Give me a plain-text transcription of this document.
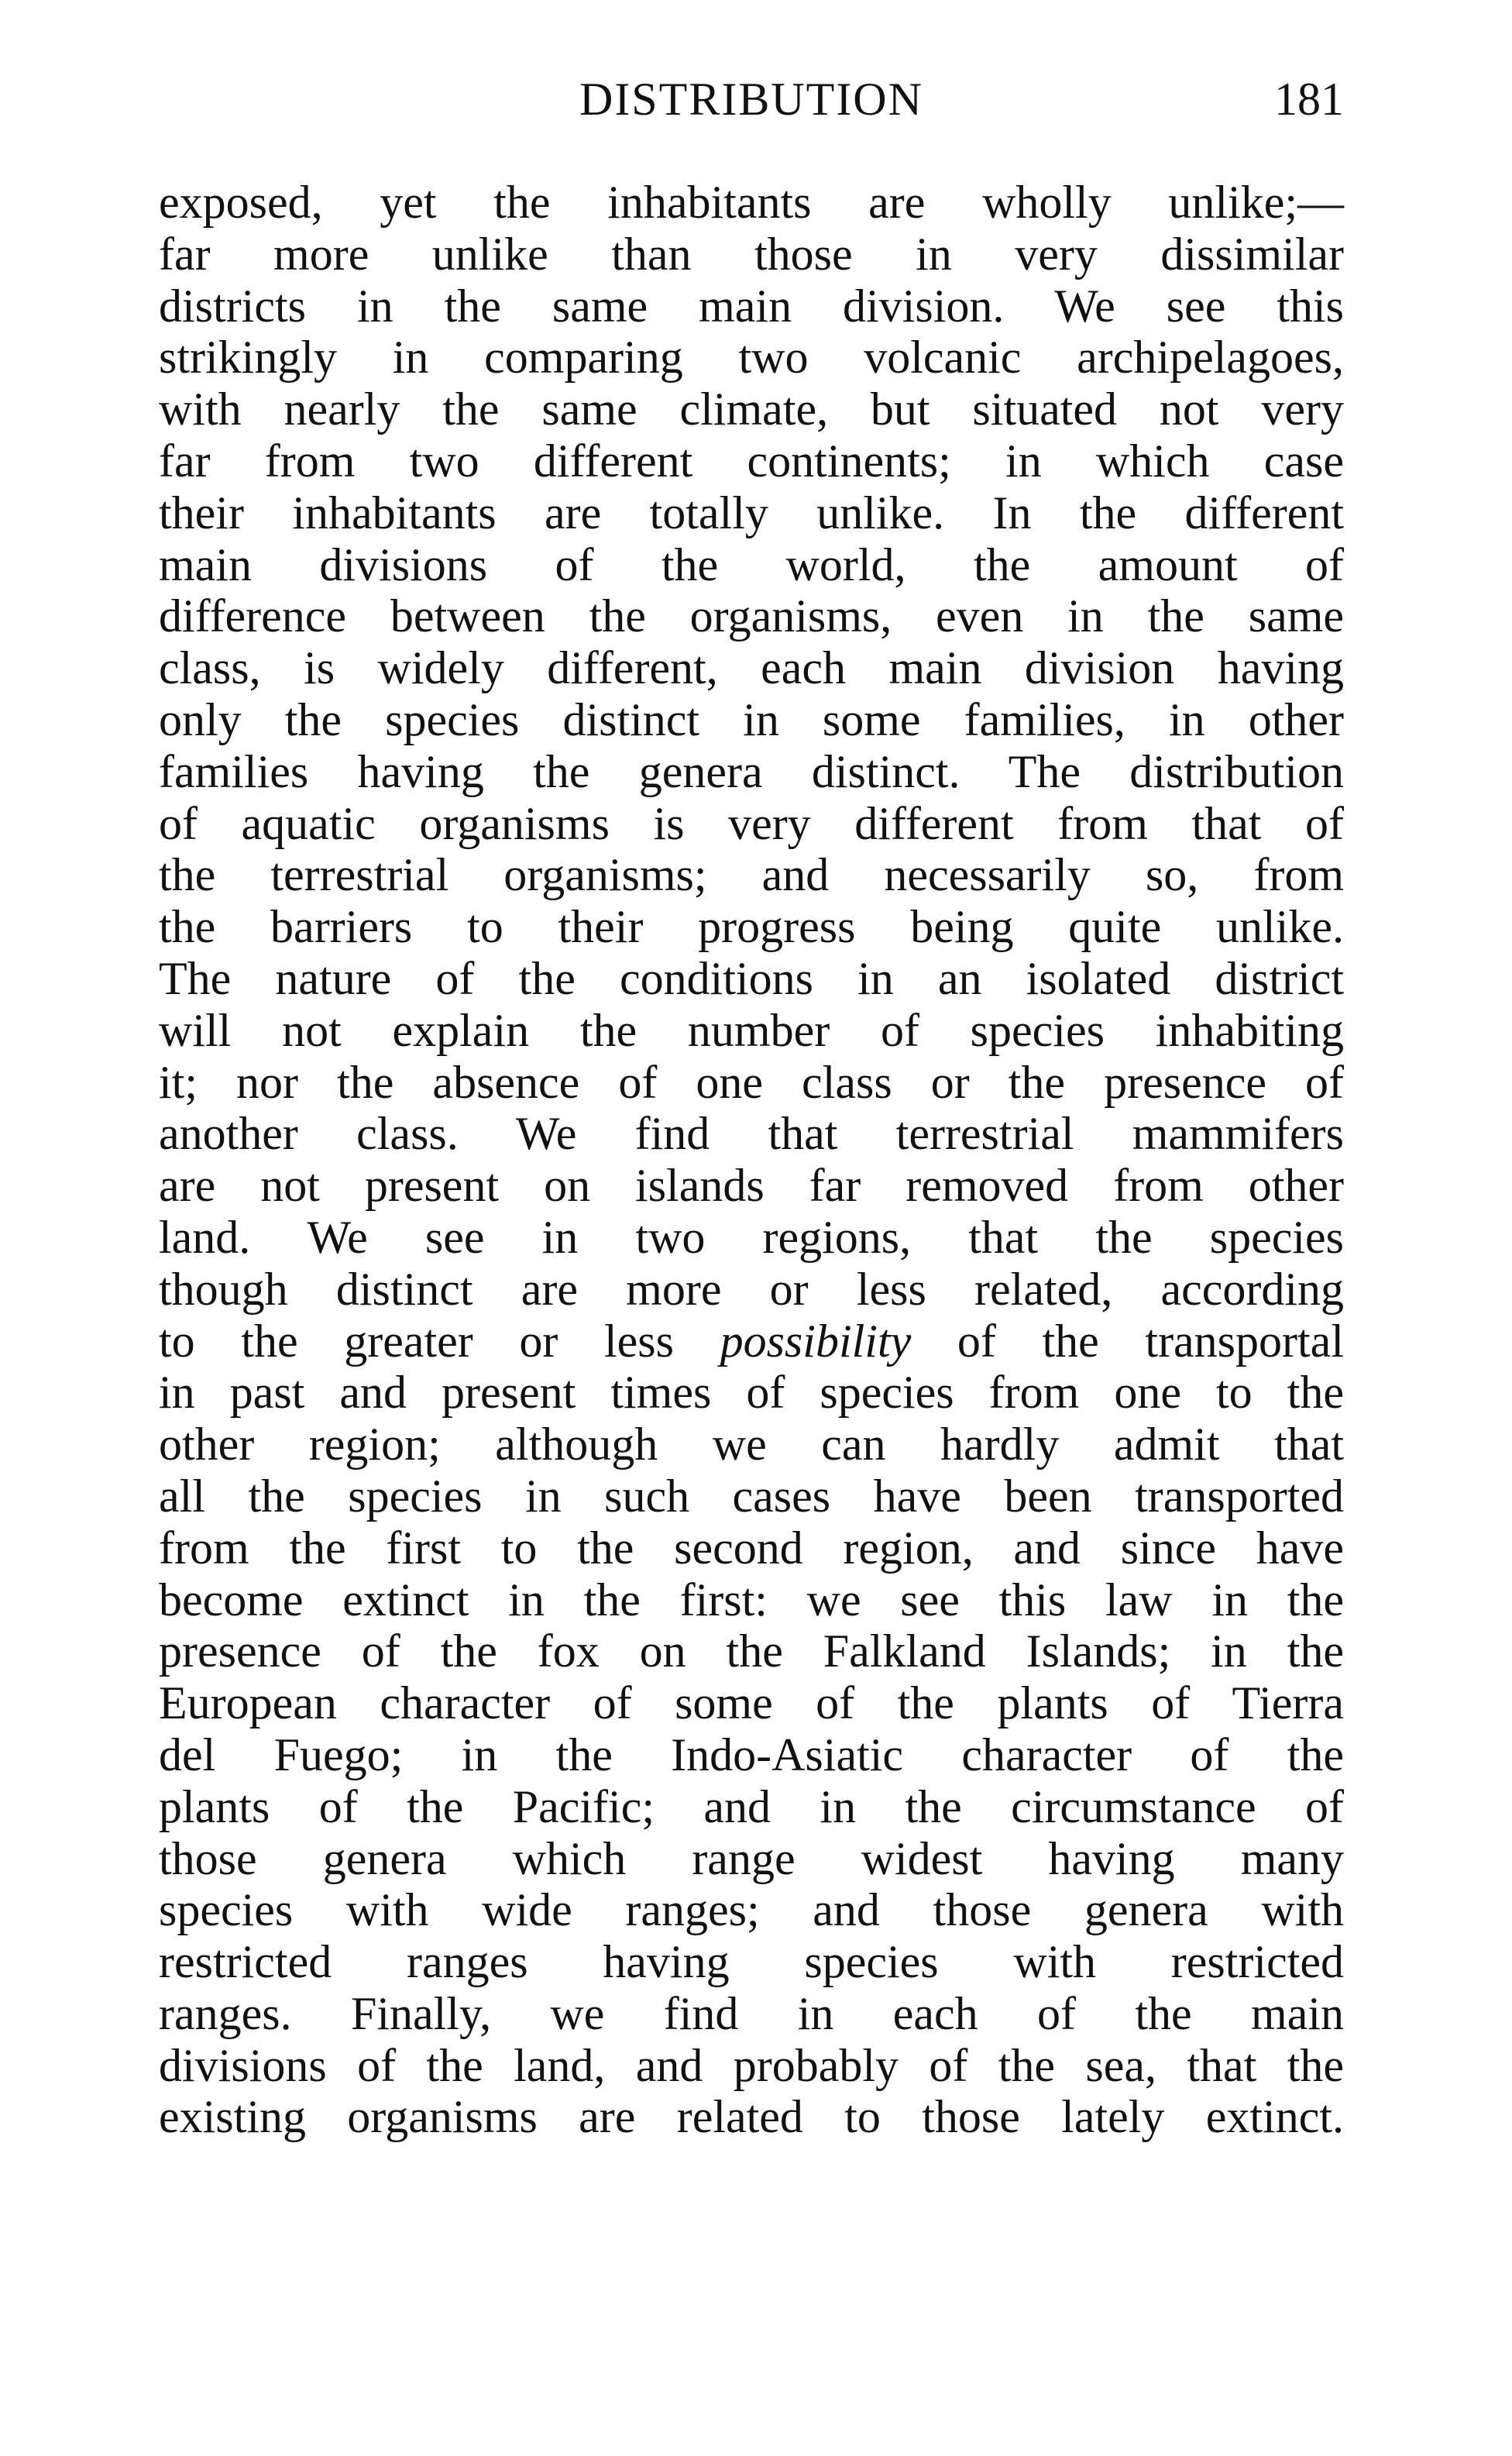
DISTRIBUTION	181
exposed, yet the inhabitants are wholly unlike;—
far more unlike than those in very dissimilar
districts in the same main division. We see this
strikingly in comparing two volcanic archipelagoes,
with nearly the same climate, but situated not very
far from two different continents; in which case
their inhabitants are totally unlike. In the different
main divisions of the world, the amount of
difference between the organisms, even in the same
class, is widely different, each main division having
only the species distinct in some families, in other
families having the genera distinct. The distribution
of aquatic organisms is very different from that of
the terrestrial organisms; and necessarily so, from
the barriers to their progress being quite unlike.
The nature of the conditions in an isolated district
will not explain the number of species inhabiting
it; nor the absence of one class or the presence of
another class. We find that terrestrial mammifers
are not present on islands far removed from other
land. We see in two regions, that the species
though distinct are more or less related, according
to the greater or less possibility of the transportal
in past and present times of species from one to the
other region; although we can hardly admit that
all the species in such cases have been transported
from the first to the second region, and since have
become extinct in the first: we see this law in the
presence of the fox on the Falkland Islands; in the
European character of some of the plants of Tierra
del Fuego; in the Indo-Asiatic character of the
plants of the Pacific; and in the circumstance of
those genera which range widest having many
species with wide ranges; and those genera with
restricted ranges having species with restricted
ranges. Finally, we find in each of the main
divisions of the land, and probably of the sea, that the
existing organisms are related to those lately extinct.
